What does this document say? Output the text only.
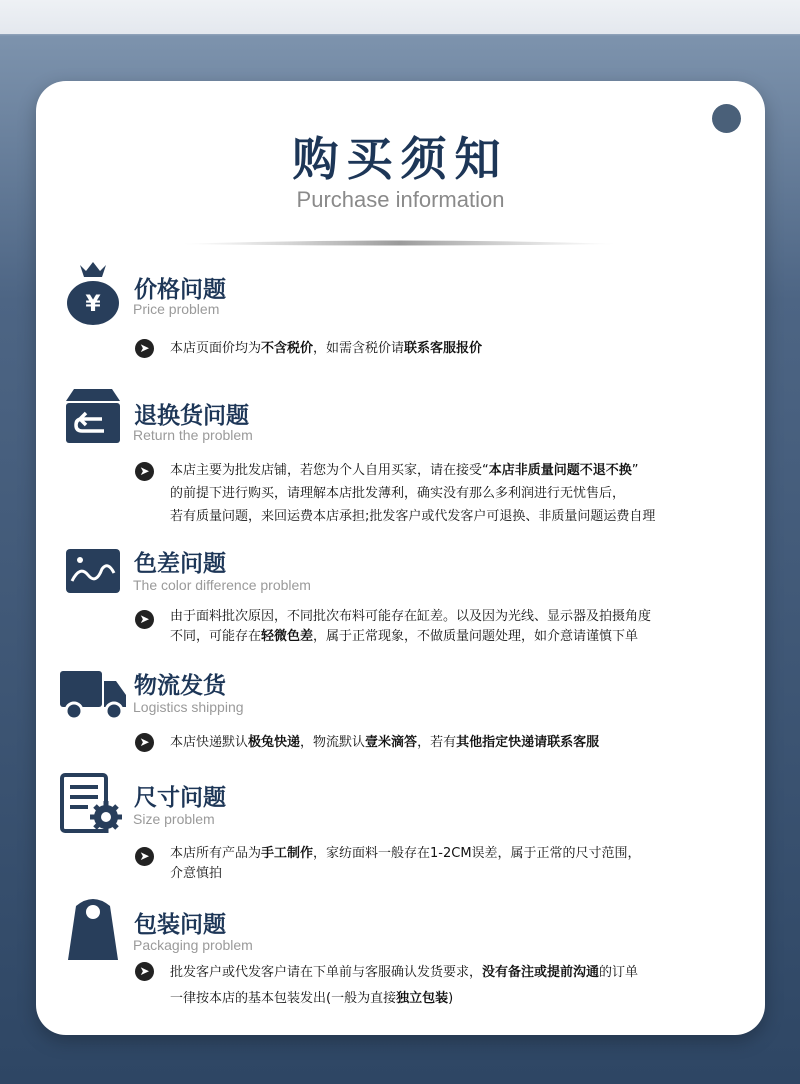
购买须知
Purchase information
¥
价格问题
Price problem
➤	本店页面价均为不含税价，如需含税价请联系客服报价
退换货问题
Return the problem
➤	本店主要为批发店铺，若您为个人自用买家，请在接受“本店非质量问题不退不换”
的前提下进行购买，请理解本店批发薄利，确实没有那么多利润进行无忧售后，
若有质量问题，来回运费本店承担;批发客户或代发客户可退换、非质量问题运费自理
色差问题
The color difference problem
➤	由于面料批次原因，不同批次布料可能存在缸差。以及因为光线、显示器及拍摄角度
不同，可能存在轻微色差，属于正常现象，不做质量问题处理，如介意请谨慎下单
物流发货
Logistics shipping
➤	本店快递默认极兔快递，物流默认壹米滴答，若有其他指定快递请联系客服
尺寸问题
Size problem
➤	本店所有产品为手工制作，家纺面料一般存在1-2CM误差，属于正常的尺寸范围，
介意慎拍
包装问题
Packaging problem
➤	批发客户或代发客户请在下单前与客服确认发货要求，没有备注或提前沟通的订单
一律按本店的基本包装发出(一般为直接独立包装)
